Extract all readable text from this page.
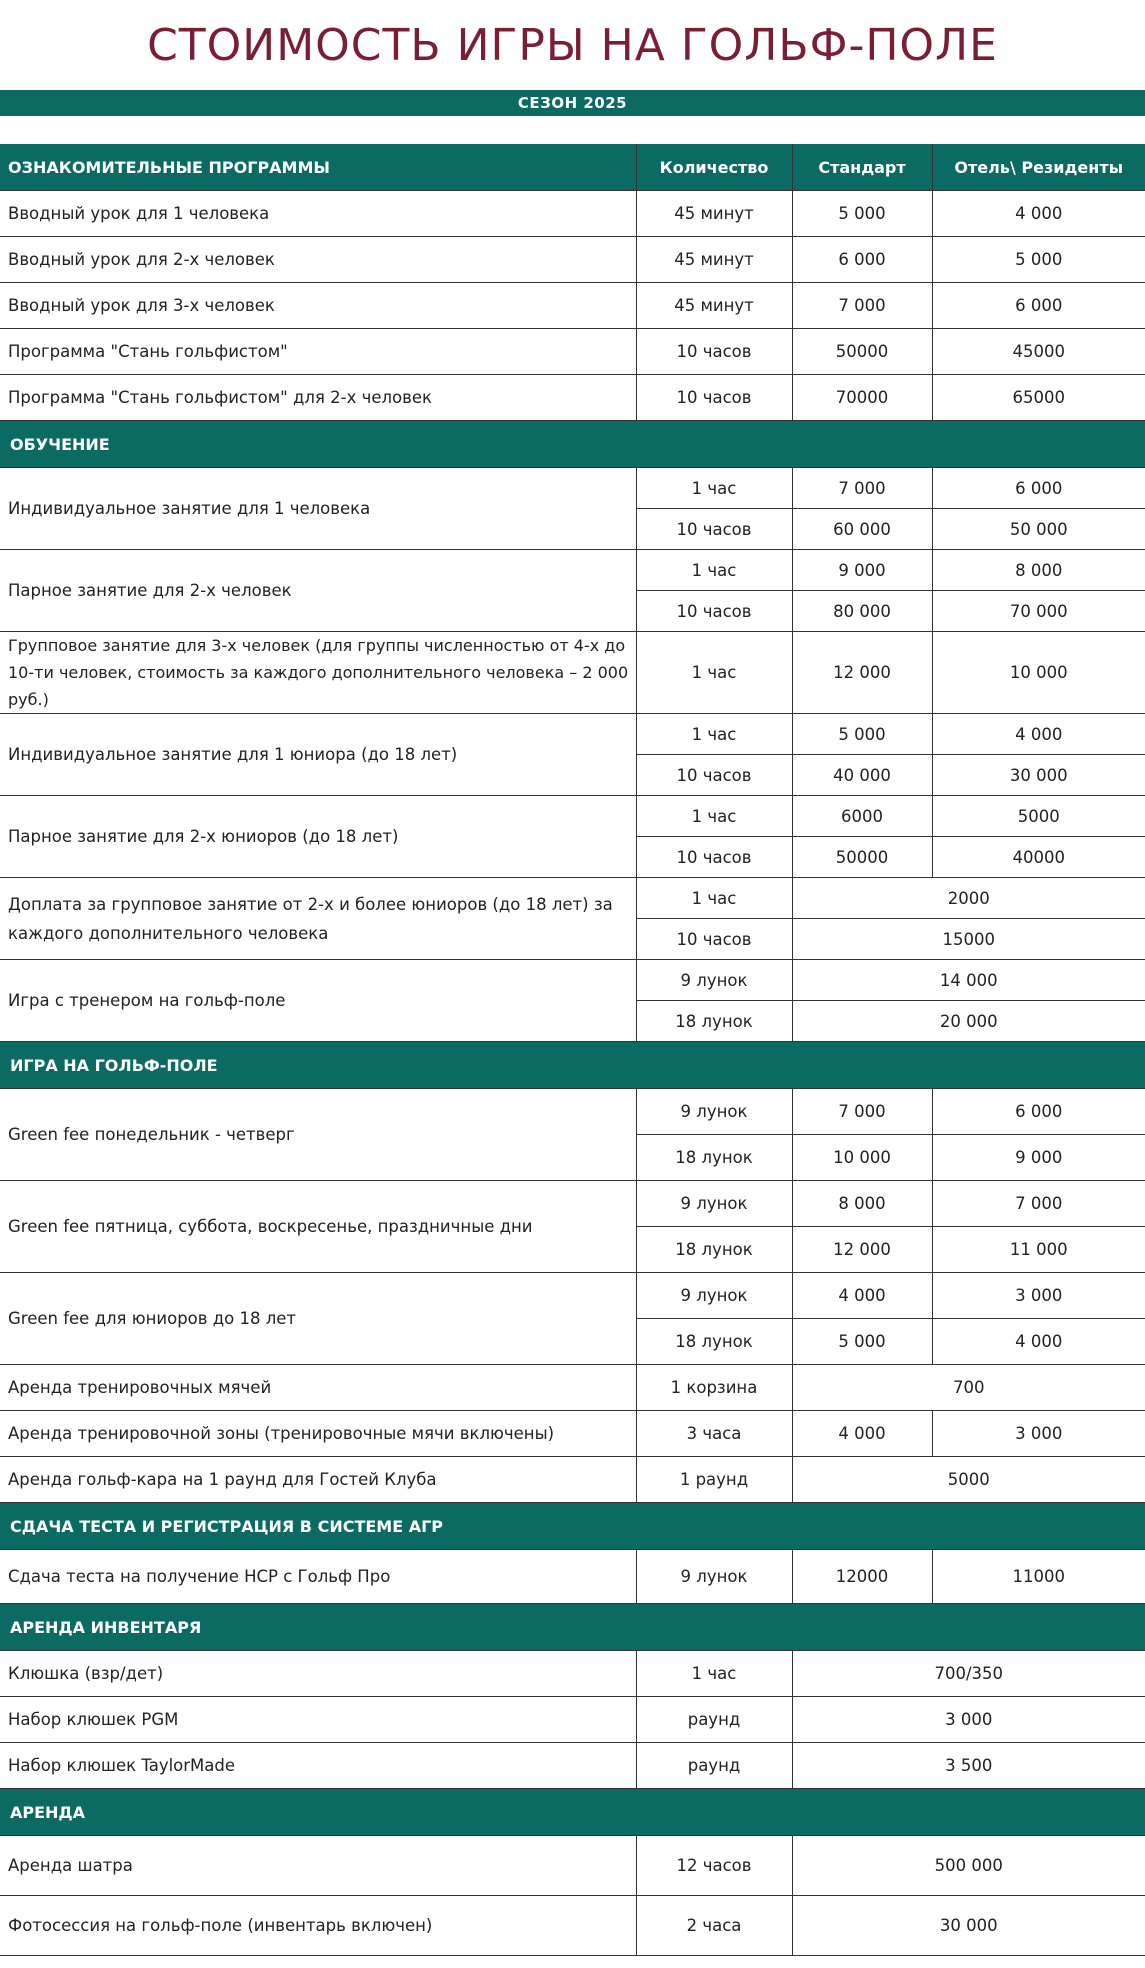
СТОИМОСТЬ ИГРЫ НА ГОЛЬФ-ПОЛЕ
СЕЗОН 2025
ОЗНАКОМИТЕЛЬНЫЕ ПРОГРАММЫ	Количество	Стандарт	Отель\ Резиденты
Вводный урок для 1 человека	45 минут	5 000	4 000
Вводный урок для 2-х человек	45 минут	6 000	5 000
Вводный урок для 3-х человек	45 минут	7 000	6 000
Программа "Стань гольфистом"	10 часов	50000	45000
Программа "Стань гольфистом" для 2-х человек	10 часов	70000	65000
ОБУЧЕНИЕ			
Индивидуальное занятие для 1 человека	1 час	7 000	6 000
	10 часов	60 000	50 000
Парное занятие для 2-х человек	1 час	9 000	8 000
	10 часов	80 000	70 000
Групповое занятие для 3-х человек (для группы численностью от 4-х до 10-ти человек, стоимость за каждого дополнительного человека – 2 000 руб.)	1 час	12 000	10 000
Индивидуальное занятие для 1 юниора (до 18 лет)	1 час	5 000	4 000
	10 часов	40 000	30 000
Парное занятие для 2-х юниоров (до 18 лет)	1 час	6000	5000
	10 часов	50000	40000
Доплата за групповое занятие от 2-х и более юниоров (до 18 лет) за каждого дополнительного человека	1 час	2000	
	10 часов	15000	
Игра с тренером на гольф-поле	9 лунок	14 000	
	18 лунок	20 000	
ИГРА НА ГОЛЬФ-ПОЛЕ			
Green fee понедельник - четверг	9 лунок	7 000	6 000
	18 лунок	10 000	9 000
Green fee пятница, суббота, воскресенье, праздничные дни	9 лунок	8 000	7 000
	18 лунок	12 000	11 000
Green fee для юниоров до 18 лет	9 лунок	4 000	3 000
	18 лунок	5 000	4 000
Аренда тренировочных мячей	1 корзина	700	
Аренда тренировочной зоны (тренировочные мячи включены)	3 часа	4 000	3 000
Аренда гольф-кара на 1 раунд для Гостей Клуба	1 раунд	5000	
СДАЧА ТЕСТА И РЕГИСТРАЦИЯ В СИСТЕМЕ АГР			
Сдача теста на получение HCP с Гольф Про	9 лунок	12000	11000
АРЕНДА ИНВЕНТАРЯ			
Клюшка (взр/дет)	1 час	700/350	
Набор клюшек PGM	раунд	3 000	
Набор клюшек TaylorMade	раунд	3 500	
АРЕНДА			
Аренда шатра	12 часов	500 000	
Фотосессия на гольф-поле (инвентарь включен)	2 часа	30 000	
